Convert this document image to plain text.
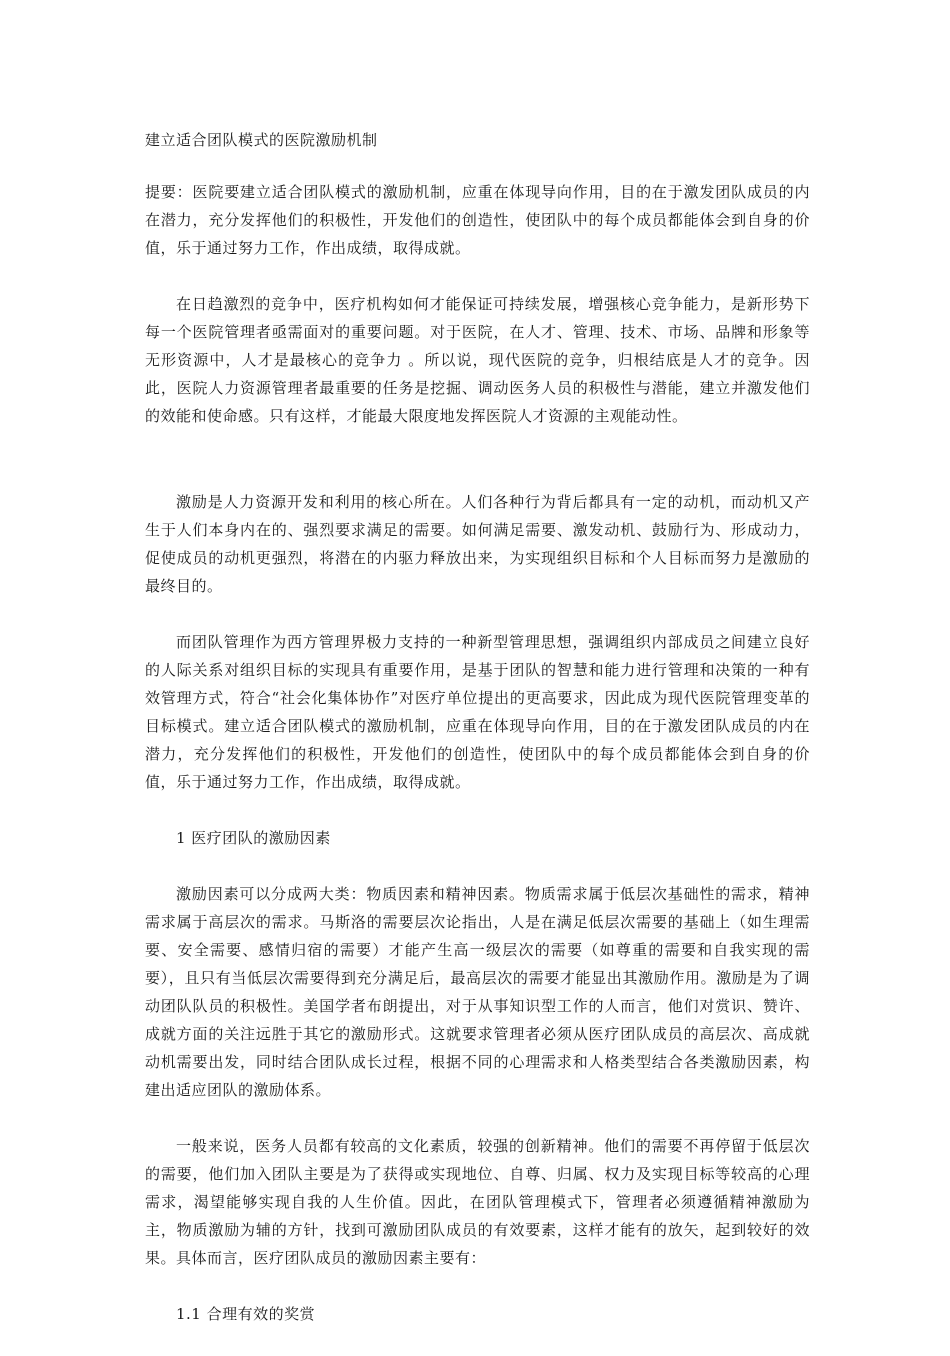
建立适合团队模式的医院激励机制

提要：医院要建立适合团队模式的激励机制，应重在体现导向作用，目的在于激发团队成员的内在潜力，充分发挥他们的积极性，开发他们的创造性，使团队中的每个成员都能体会到自身的价值，乐于通过努力工作，作出成绩，取得成就。

在日趋激烈的竞争中，医疗机构如何才能保证可持续发展，增强核心竞争能力，是新形势下每一个医院管理者亟需面对的重要问题。对于医院，在人才、管理、技术、市场、品牌和形象等无形资源中，人才是最核心的竞争力 。所以说，现代医院的竞争，归根结底是人才的竞争。因此，医院人力资源管理者最重要的任务是挖掘、调动医务人员的积极性与潜能，建立并激发他们的效能和使命感。只有这样，才能最大限度地发挥医院人才资源的主观能动性。

激励是人力资源开发和利用的核心所在。人们各种行为背后都具有一定的动机，而动机又产生于人们本身内在的、强烈要求满足的需要。如何满足需要、激发动机、鼓励行为、形成动力，促使成员的动机更强烈，将潜在的内驱力释放出来，为实现组织目标和个人目标而努力是激励的最终目的。

而团队管理作为西方管理界极力支持的一种新型管理思想，强调组织内部成员之间建立良好的人际关系对组织目标的实现具有重要作用，是基于团队的智慧和能力进行管理和决策的一种有效管理方式，符合“社会化集体协作”对医疗单位提出的更高要求，因此成为现代医院管理变革的目标模式。建立适合团队模式的激励机制，应重在体现导向作用，目的在于激发团队成员的内在潜力，充分发挥他们的积极性，开发他们的创造性，使团队中的每个成员都能体会到自身的价值，乐于通过努力工作，作出成绩，取得成就。

1 医疗团队的激励因素

激励因素可以分成两大类：物质因素和精神因素。物质需求属于低层次基础性的需求，精神需求属于高层次的需求。马斯洛的需要层次论指出，人是在满足低层次需要的基础上（如生理需要、安全需要、感情归宿的需要）才能产生高一级层次的需要（如尊重的需要和自我实现的需要），且只有当低层次需要得到充分满足后，最高层次的需要才能显出其激励作用。激励是为了调动团队队员的积极性。美国学者布朗提出，对于从事知识型工作的人而言，他们对赏识、赞许、成就方面的关注远胜于其它的激励形式。这就要求管理者必须从医疗团队成员的高层次、高成就动机需要出发，同时结合团队成长过程，根据不同的心理需求和人格类型结合各类激励因素，构建出适应团队的激励体系。

一般来说，医务人员都有较高的文化素质，较强的创新精神。他们的需要不再停留于低层次的需要，他们加入团队主要是为了获得或实现地位、自尊、归属、权力及实现目标等较高的心理需求，渴望能够实现自我的人生价值。因此，在团队管理模式下，管理者必须遵循精神激励为主，物质激励为辅的方针，找到可激励团队成员的有效要素，这样才能有的放矢，起到较好的效果。具体而言，医疗团队成员的激励因素主要有：

1.1 合理有效的奖赏
